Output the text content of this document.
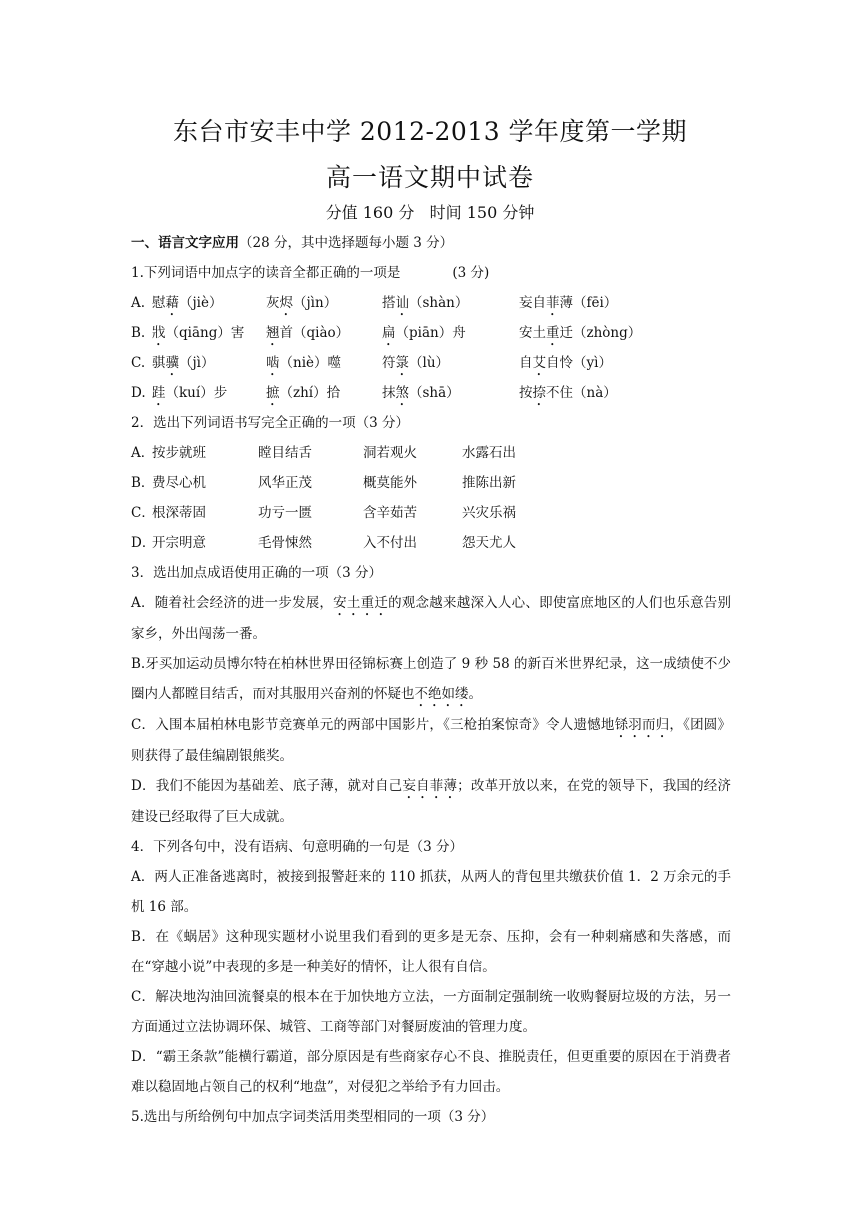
东台市安丰中学 2012-2013 学年度第一学期
高一语文期中试卷
分值 160 分   时间 150 分钟
一、语言文字应用（28 分，其中选择题每小题 3 分）
1.下列词语中加点字的读音全都正确的一项是	(3 分)
A. 慰藉（jiè）	灰烬（jìn）	搭讪（shàn）	妄自菲薄（fēi）
B. 戕（qiāng）害	翘首（qiào）	扁（piān）舟	安土重迁（zhòng）
C. 骐骥（jì）	啮（niè）噬	符箓（lù）	自艾自怜（yì）
D. 跬（kuí）步	摭（zhí）拾	抹煞（shā）	按捺不住（nà）
2．选出下列词语书写完全正确的一项（3 分）
A．
按步就班	瞠目结舌	洞若观火	水露石出
B．
费尽心机	风华正茂	概莫能外	推陈出新
C．
根深蒂固	功亏一匮	含辛茹苦	兴灾乐祸
D．
开宗明意	毛骨悚然	入不付出	怨天尤人
3．选出加点成语使用正确的一项（3 分）
A．随着社会经济的进一步发展，安土重迁的观念越来越深入人心、即使富庶地区的人们也乐意告别家乡，外出闯荡一番。
B.牙买加运动员博尔特在柏林世界田径锦标赛上创造了 9 秒 58 的新百米世界纪录，这一成绩使不少圈内人都瞠目结舌，而对其服用兴奋剂的怀疑也不绝如缕。
C．入围本届柏林电影节竞赛单元的两部中国影片，《三枪拍案惊奇》令人遗憾地铩羽而归，《团圆》则获得了最佳编剧银熊奖。
D．我们不能因为基础差、底子薄，就对自己妄自菲薄；改革开放以来，在党的领导下，我国的经济建设已经取得了巨大成就。
4．下列各句中，没有语病、句意明确的一句是（3 分）
A．两人正准备逃离时，被接到报警赶来的 110 抓获，从两人的背包里共缴获价值 1．2 万余元的手机 16 部。
B．在《蜗居》这种现实题材小说里我们看到的更多是无奈、压抑，会有一种刺痛感和失落感，而在“穿越小说”中表现的多是一种美好的情怀，让人很有自信。
C．解决地沟油回流餐桌的根本在于加快地方立法，一方面制定强制统一收购餐厨垃圾的方法，另一方面通过立法协调环保、城管、工商等部门对餐厨废油的管理力度。
D．“霸王条款”能横行霸道，部分原因是有些商家存心不良、推脱责任，但更重要的原因在于消费者难以稳固地占领自己的权利“地盘”，对侵犯之举给予有力回击。
5.选出与所给例句中加点字词类活用类型相同的一项（3 分）
